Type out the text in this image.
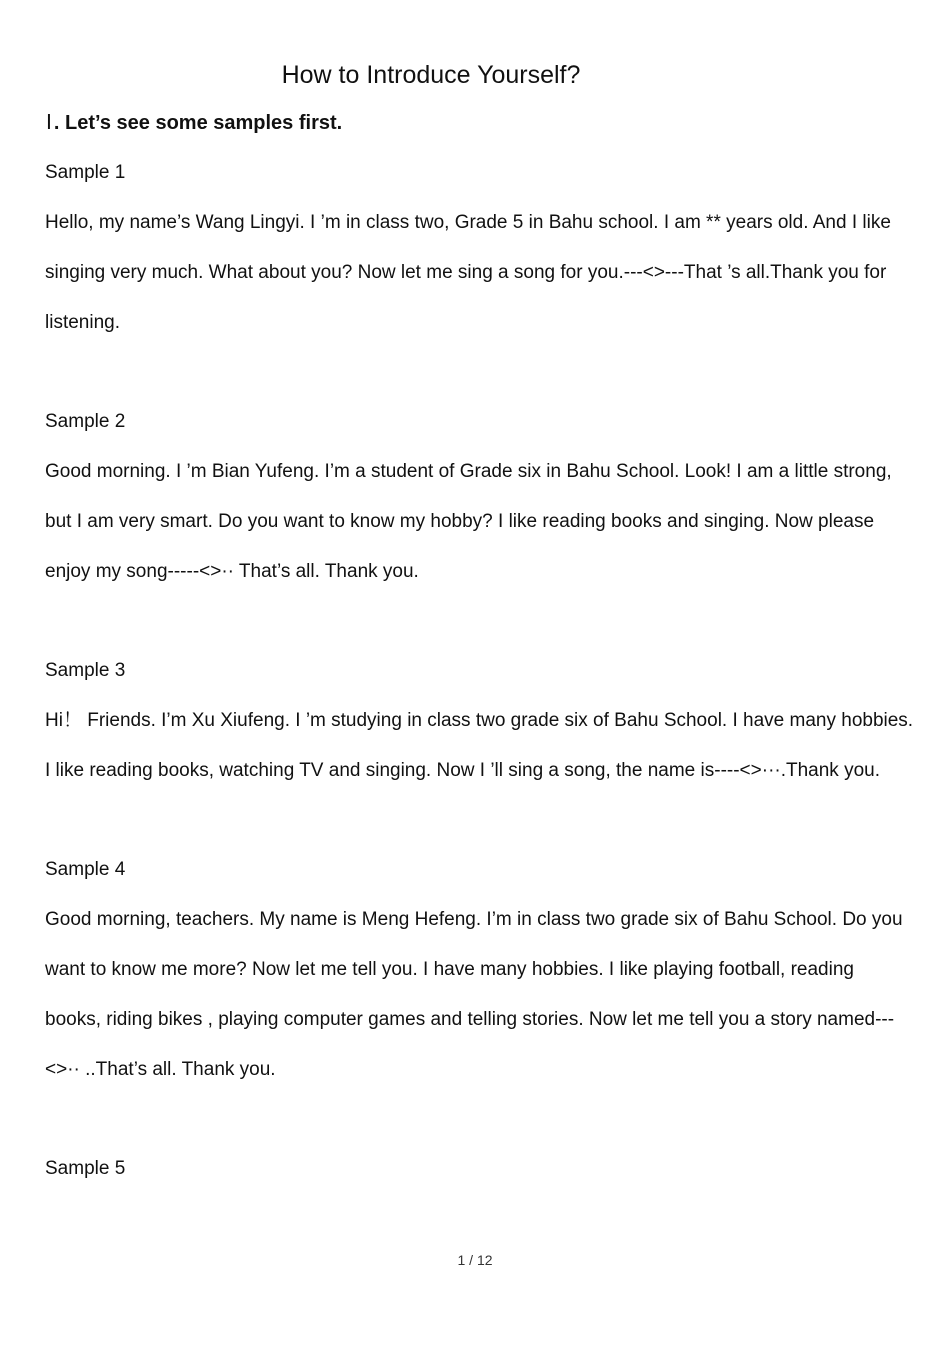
How to Introduce Yourself?
Ⅰ . Let’s see some samples first.

Sample 1

Hello, my name’s Wang Lingyi. I ’m in class two, Grade 5 in Bahu school. I am ** years old. And I like singing very much. What about you? Now let me sing a song for you.---<>---That ’s all.Thank you for listening.

Sample 2

Good morning. I ’m Bian Yufeng. I’m a student of Grade six in Bahu School. Look! I am a little strong, but I am very smart. Do you want to know my hobby? I like reading books and singing. Now please enjoy my song-----<>·· That’s all. Thank you.

Sample 3

Hi！ Friends. I’m Xu Xiufeng. I ’m studying in class two grade six of Bahu School. I have many hobbies. I like reading books, watching TV and singing. Now I ’ll sing a song, the name is----<>···.Thank you.

Sample 4

Good morning, teachers. My name is Meng Hefeng. I’m in class two grade six of Bahu School. Do you want to know me more? Now let me tell you. I have many hobbies. I like playing football, reading books, riding bikes , playing computer games and telling stories. Now let me tell you a story named---<>·· ..That’s all. Thank you.

Sample 5

1 / 12
